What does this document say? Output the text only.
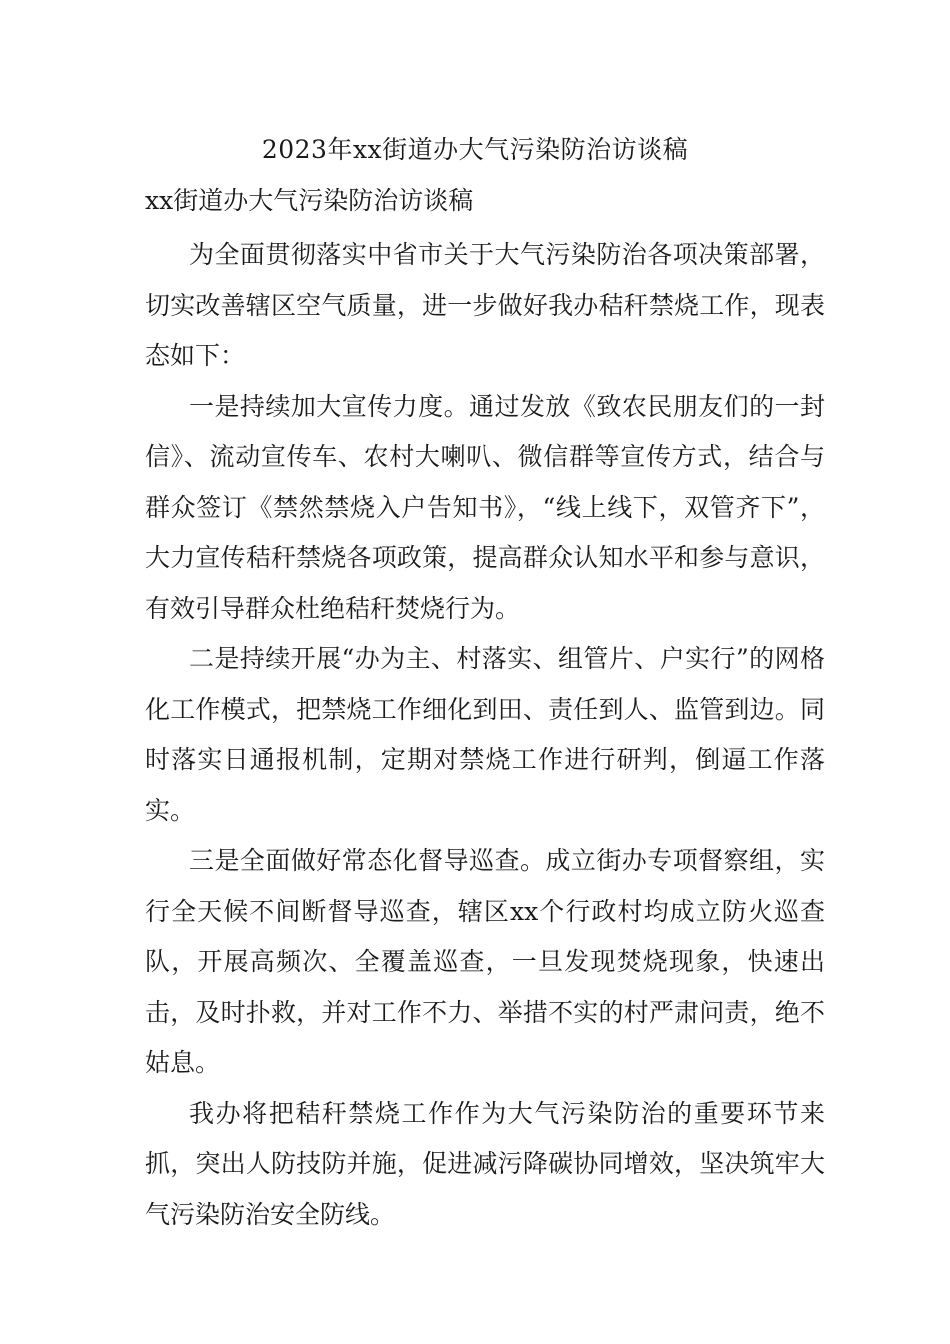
2023年xx街道办大气污染防治访谈稿
xx街道办大气污染防治访谈稿

为全面贯彻落实中省市关于大气污染防治各项决策部署，切实改善辖区空气质量，进一步做好我办秸秆禁烧工作，现表态如下：

一是持续加大宣传力度。通过发放《致农民朋友们的一封信》、流动宣传车、农村大喇叭、微信群等宣传方式，结合与群众签订《禁然禁烧入户告知书》，“线上线下，双管齐下”，大力宣传秸秆禁烧各项政策，提高群众认知水平和参与意识，有效引导群众杜绝秸秆焚烧行为。

二是持续开展“办为主、村落实、组管片、户实行”的网格化工作模式，把禁烧工作细化到田、责任到人、监管到边。同时落实日通报机制，定期对禁烧工作进行研判，倒逼工作落实。

三是全面做好常态化督导巡查。成立街办专项督察组，实行全天候不间断督导巡查，辖区xx个行政村均成立防火巡查队，开展高频次、全覆盖巡查，一旦发现焚烧现象，快速出击，及时扑救，并对工作不力、举措不实的村严肃问责，绝不姑息。

我办将把秸秆禁烧工作作为大气污染防治的重要环节来抓，突出人防技防并施，促进减污降碳协同增效，坚决筑牢大气污染防治安全防线。
